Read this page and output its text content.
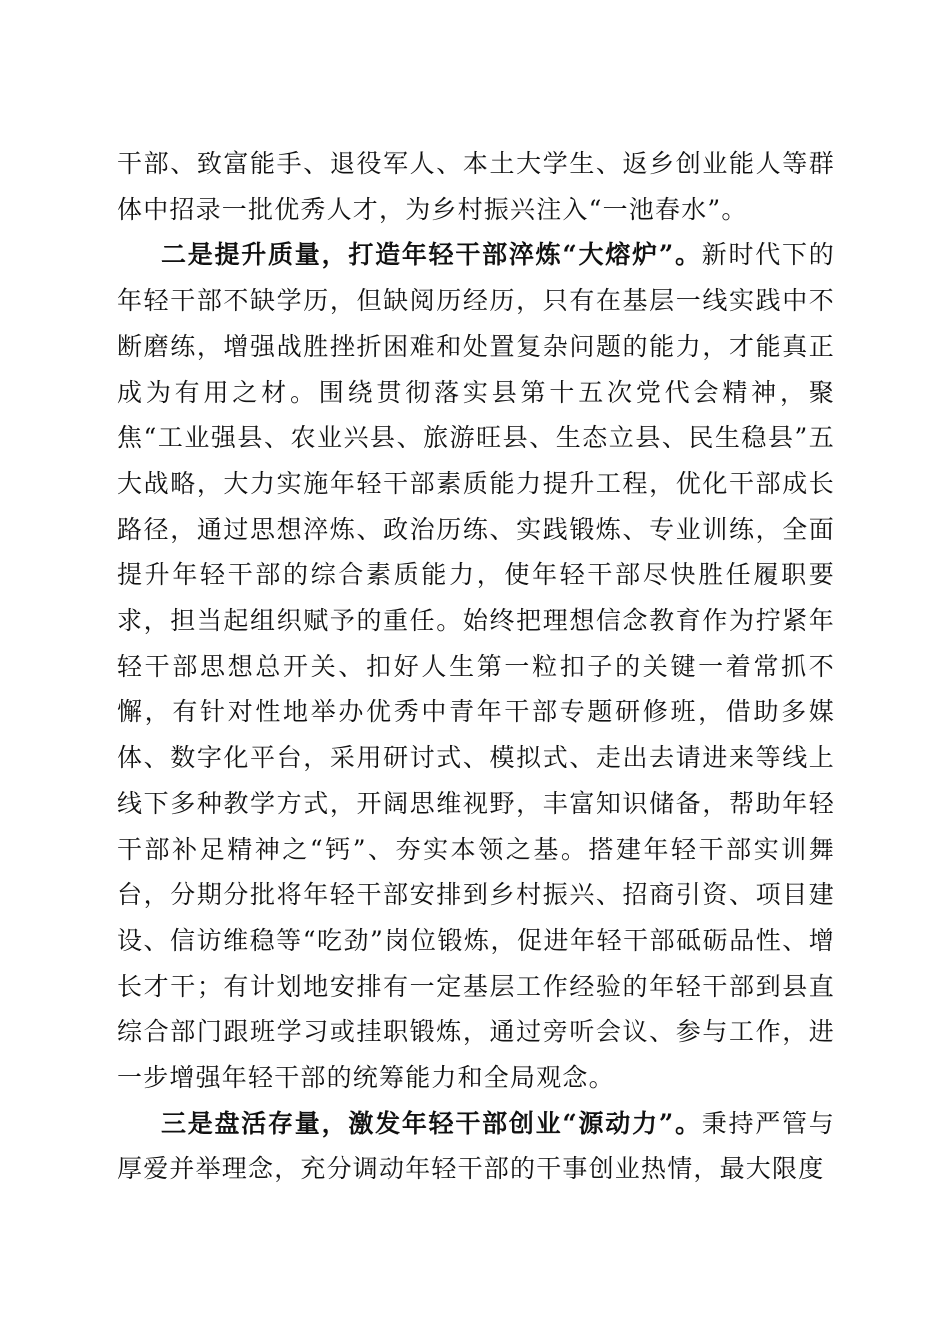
干部、致富能手、退役军人、本土大学生、返乡创业能人等群体中招录一批优秀人才，为乡村振兴注入“一池春水”。

二是提升质量，打造年轻干部淬炼“大熔炉”。新时代下的年轻干部不缺学历，但缺阅历经历，只有在基层一线实践中不断磨练，增强战胜挫折困难和处置复杂问题的能力，才能真正成为有用之材。围绕贯彻落实县第十五次党代会精神，聚焦“工业强县、农业兴县、旅游旺县、生态立县、民生稳县”五大战略，大力实施年轻干部素质能力提升工程，优化干部成长路径，通过思想淬炼、政治历练、实践锻炼、专业训练，全面提升年轻干部的综合素质能力，使年轻干部尽快胜任履职要求，担当起组织赋予的重任。始终把理想信念教育作为拧紧年轻干部思想总开关、扣好人生第一粒扣子的关键一着常抓不懈，有针对性地举办优秀中青年干部专题研修班，借助多媒体、数字化平台，采用研讨式、模拟式、走出去请进来等线上线下多种教学方式，开阔思维视野，丰富知识储备，帮助年轻干部补足精神之“钙”、夯实本领之基。搭建年轻干部实训舞台，分期分批将年轻干部安排到乡村振兴、招商引资、项目建设、信访维稳等“吃劲”岗位锻炼，促进年轻干部砥砺品性、增长才干；有计划地安排有一定基层工作经验的年轻干部到县直综合部门跟班学习或挂职锻炼，通过旁听会议、参与工作，进一步增强年轻干部的统筹能力和全局观念。

三是盘活存量，激发年轻干部创业“源动力”。秉持严管与厚爱并举理念，充分调动年轻干部的干事创业热情，最大限度
